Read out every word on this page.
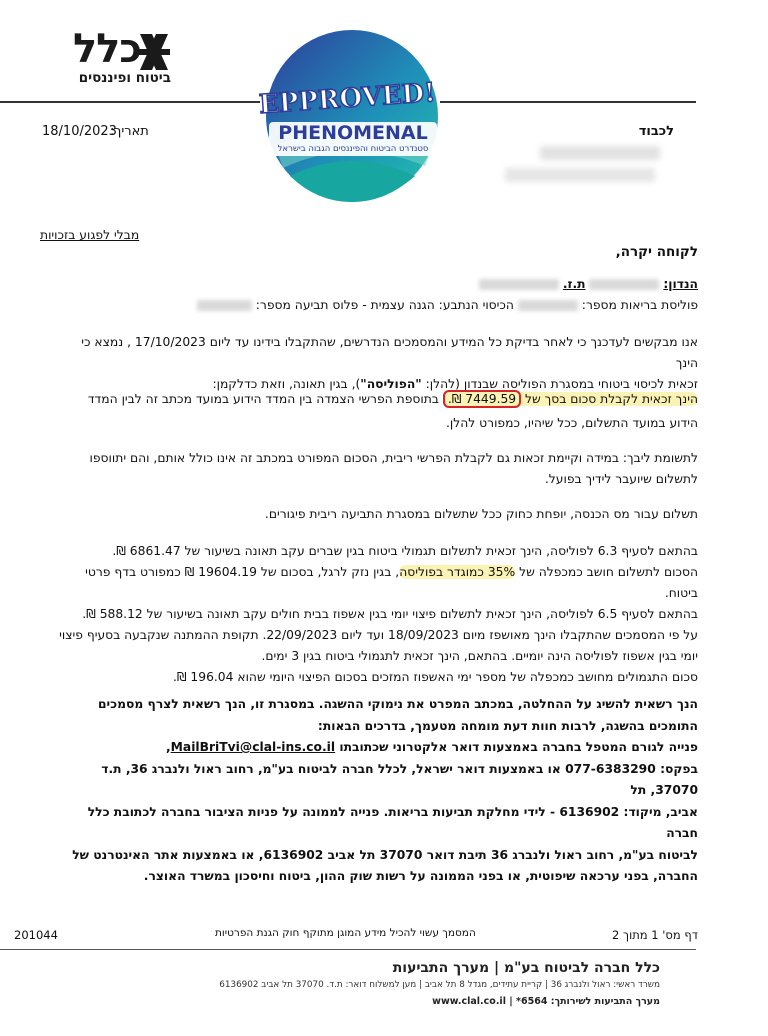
כלל
ביטוח ופיננסים	EPPROVED!
PHENOMENAL
סטנדרט הביטוח והפיננסים הגבוה בישראל
לכבוד
18/10/2023
תאריך:
מבלי לפגוע בזכויות
לקוחה יקרה,
הנדון:  ת.ז.
פוליסת בריאות מספר:  הכיסוי הנתבע: הגנה עצמית - פלוס תביעה מספר:
אנו מבקשים לעדכנך כי לאחר בדיקת כל המידע והמסמכים הנדרשים, שהתקבלו בידינו עד ליום 17/10/2023 , נמצא כי הינך
זכאית לכיסוי ביטוחי במסגרת הפוליסה שבנדון (להלן: "הפוליסה"), בגין תאונה, וזאת כדלקמן:
הינך זכאית לקבלת סכום בסך של 7449.59 ₪. בתוספת הפרשי הצמדה בין המדד הידוע במועד מכתב זה לבין המדד
הידוע במועד התשלום, ככל שיהיו, כמפורט להלן.
לתשומת ליבך: במידה וקיימת זכאות גם לקבלת הפרשי ריבית, הסכום המפורט במכתב זה אינו כולל אותם, והם יתווספו
לתשלום שיועבר לידיך בפועל.
תשלום עבור מס הכנסה, יופחת כחוק ככל שתשלום במסגרת התביעה ריבית פיגורים.
בהתאם לסעיף 6.3 לפוליסה, הינך זכאית לתשלום תגמולי ביטוח בגין שברים עקב תאונה בשיעור של 6861.47 ₪.
הסכום לתשלום חושב כמכפלה של 35% כמוגדר בפוליסה, בגין נזק לרגל, בסכום של 19604.19 ₪ כמפורט בדף פרטי
ביטוח.
בהתאם לסעיף 6.5 לפוליסה, הינך זכאית לתשלום פיצוי יומי בגין אשפוז בבית חולים עקב תאונה בשיעור של 588.12 ₪.
על פי המסמכים שהתקבלו הינך מאושפז מיום 18/09/2023 ועד ליום 22/09/2023. תקופת ההמתנה שנקבעה בסעיף פיצוי
יומי בגין אשפוז לפוליסה הינה יומיים. בהתאם, הינך זכאית לתגמולי ביטוח בגין 3 ימים.
סכום התגמולים מחושב כמכפלה של מספר ימי האשפוז המזכים בסכום הפיצוי היומי שהוא 196.04 ₪.
הנך רשאית להשיג על ההחלטה, במכתב המפרט את נימוקי ההשגה. במסגרת זו, הנך רשאית לצרף מסמכים
התומכים בהשגה, לרבות חוות דעת מומחה מטעמך, בדרכים הבאות:
פנייה לגורם המטפל בחברה באמצעות דואר אלקטרוני שכתובתו MailBriTvi@clal-ins.co.il,
בפקס: 077-6383290 או באמצעות דואר ישראל, לכלל חברה לביטוח בע"מ, רחוב ראול ולנברג 36, ת.ד 37070, תל
אביב, מיקוד: 6136902 - לידי מחלקת תביעות בריאות. פנייה לממונה על פניות הציבור בחברה לכתובת כלל חברה
לביטוח בע"מ, רחוב ראול ולנברג 36 תיבת דואר 37070 תל אביב 6136902, או באמצעות אתר האינטרנט של
החברה, בפני ערכאה שיפוטית, או בפני הממונה על רשות שוק ההון, ביטוח וחיסכון במשרד האוצר.
דף מס' 1 מתוך 2
המסמך עשוי להכיל מידע המוגן מתוקף חוק הגנת הפרטיות
201044
כלל חברה לביטוח בע"מ | מערך התביעות
משרד ראשי: ראול ולנברג 36 | קריית עתידים, מגדל 8 תל אביב | מען למשלוח דואר: ת.ד. 37070 תל אביב 6136902
מערך התביעות לשירותך: 6564* | www.clal.co.il
